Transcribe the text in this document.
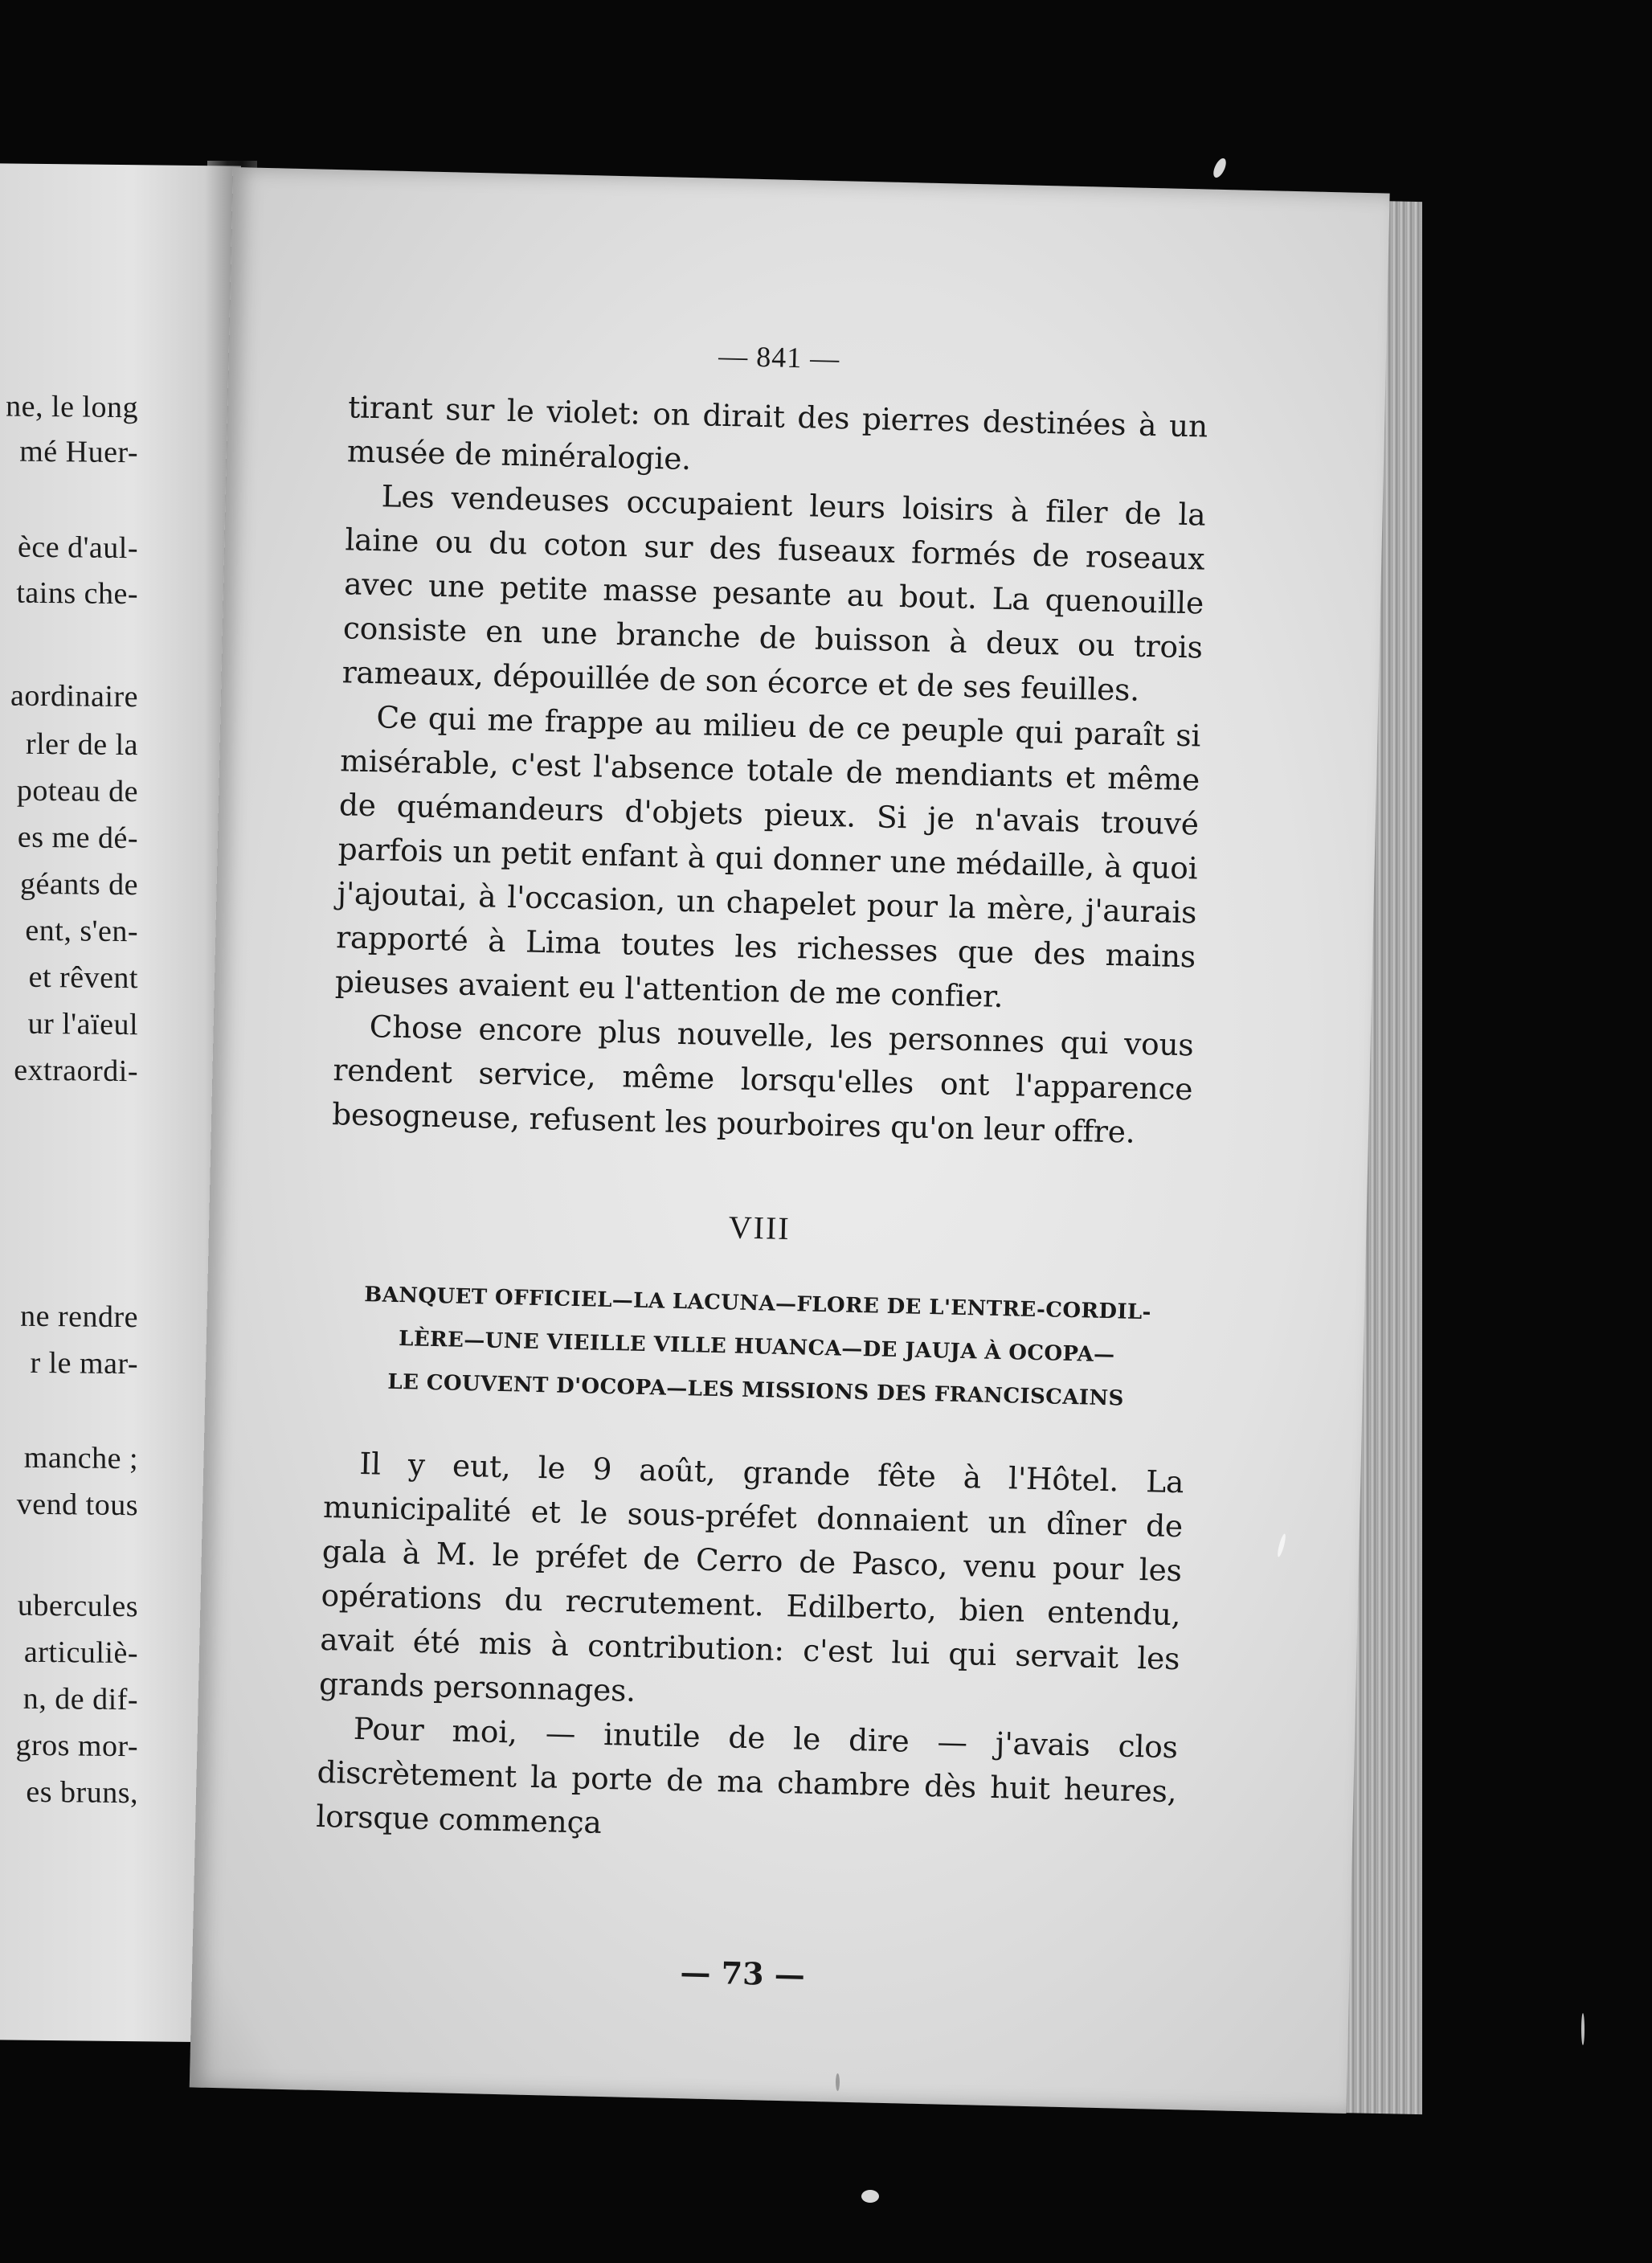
ne, le long
mé Huer-
èce d'aul-
tains che-
aordinaire
rler de la
poteau de
es me dé-
géants de
ent, s'en-
et rêvent
ur l'aïeul
extraordi-
ne rendre
r le mar-
manche ;
vend tous
ubercules
articuliè-
n, de dif-
gros mor-
es bruns,
— 841 —

tirant sur le violet: on dirait des pierres destinées à un musée de minéralogie.

Les vendeuses occupaient leurs loisirs à filer de la laine ou du coton sur des fuseaux formés de roseaux avec une petite masse pesante au bout. La quenouille consiste en une branche de buisson à deux ou trois rameaux, dépouillée de son écorce et de ses feuilles.

Ce qui me frappe au milieu de ce peuple qui paraît si misérable, c'est l'absence totale de mendiants et même de quémandeurs d'objets pieux. Si je n'avais trouvé parfois un petit enfant à qui donner une médaille, à quoi j'ajoutai, à l'occasion, un chapelet pour la mère, j'aurais rapporté à Lima toutes les richesses que des mains pieuses avaient eu l'attention de me confier.

Chose encore plus nouvelle, les personnes qui vous rendent service, même lorsqu'elles ont l'apparence besogneuse, refusent les pourboires qu'on leur offre.

VIII
BANQUET OFFICIEL—LA LACUNA—FLORE DE L'ENTRE-CORDIL-
LÈRE—UNE VIEILLE VILLE HUANCA—DE JAUJA À OCOPA—
LE COUVENT D'OCOPA—LES MISSIONS DES FRANCISCAINS

Il y eut, le 9 août, grande fête à l'Hôtel. La municipalité et le sous-préfet donnaient un dîner de gala à M. le préfet de Cerro de Pasco, venu pour les opérations du recrutement. Edilberto, bien entendu, avait été mis à contribution: c'est lui qui servait les grands personnages.

Pour moi, — inutile de le dire — j'avais clos discrètement la porte de ma chambre dès huit heures, lorsque commença

— 73 —
